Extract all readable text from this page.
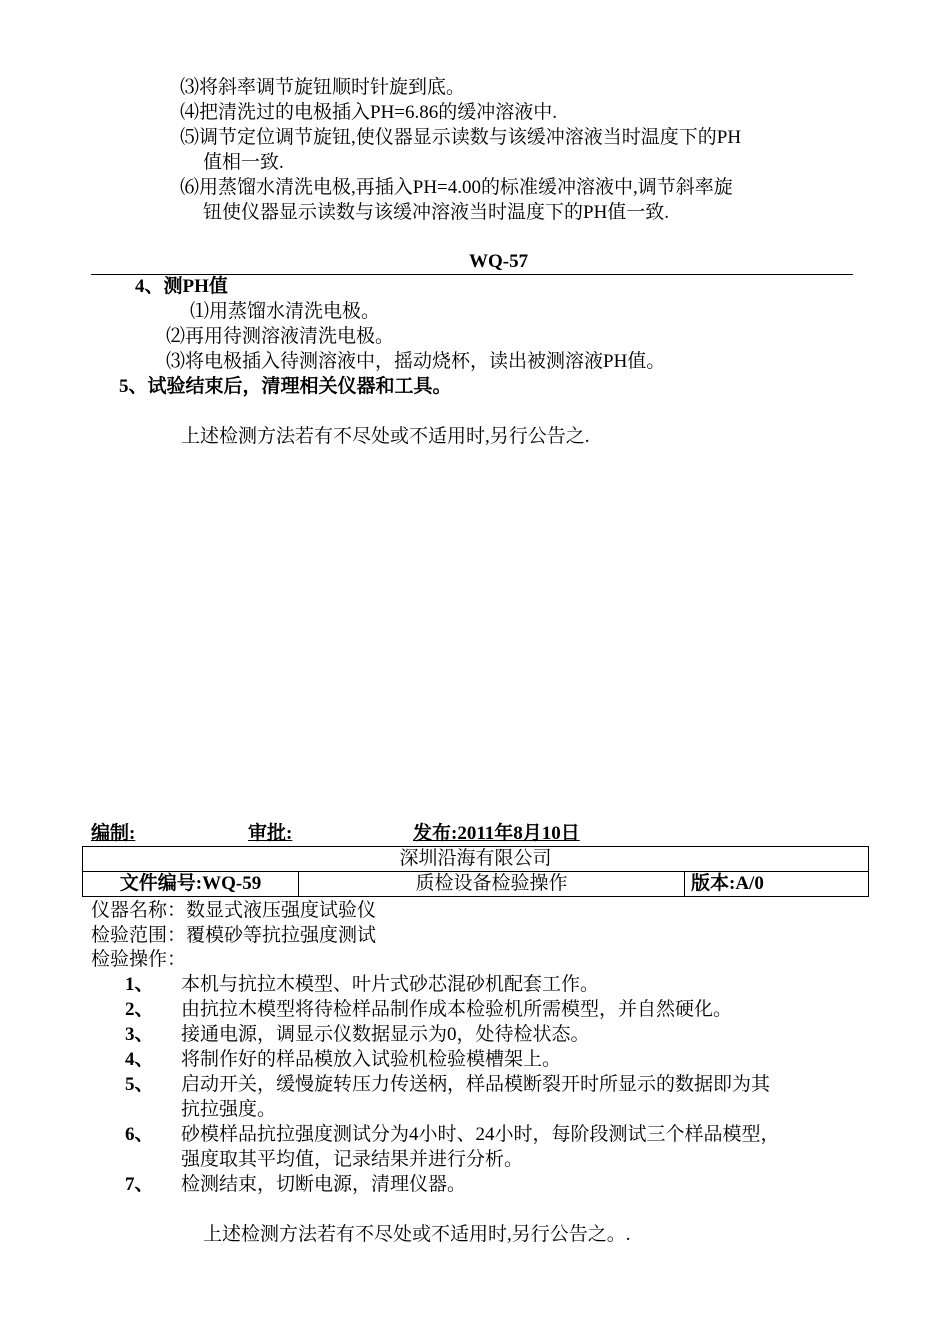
⑶将斜率调节旋钮顺时针旋到底。
⑷把清洗过的电极插入PH=6.86的缓冲溶液中.
⑸调节定位调节旋钮,使仪器显示读数与该缓冲溶液当时温度下的PH
值相一致.
⑹用蒸馏水清洗电极,再插入PH=4.00的标准缓冲溶液中,调节斜率旋
钮使仪器显示读数与该缓冲溶液当时温度下的PH值一致.
WQ-57
4、测PH值
⑴用蒸馏水清洗电极。
⑵再用待测溶液清洗电极。
⑶将电极插入待测溶液中，摇动烧杯，读出被测溶液PH值。
5、试验结束后，清理相关仪器和工具。
上述检测方法若有不尽处或不适用时,另行公告之.
编制:	审批:	发布:2011年8月10日
深圳沿海有限公司
文件编号:WQ-59	质检设备检验操作	版本:A/0
仪器名称：数显式液压强度试验仪
检验范围：覆模砂等抗拉强度测试
检验操作：
1、 本机与抗拉木模型、叶片式砂芯混砂机配套工作。
2、 由抗拉木模型将待检样品制作成本检验机所需模型，并自然硬化。
3、 接通电源，调显示仪数据显示为0，处待检状态。
4、 将制作好的样品模放入试验机检验模槽架上。
5、 启动开关，缓慢旋转压力传送柄，样品模断裂开时所显示的数据即为其
抗拉强度。
6、 砂模样品抗拉强度测试分为4小时、24小时，每阶段测试三个样品模型，
强度取其平均值，记录结果并进行分析。
7、 检测结束，切断电源，清理仪器。
上述检测方法若有不尽处或不适用时,另行公告之。.
